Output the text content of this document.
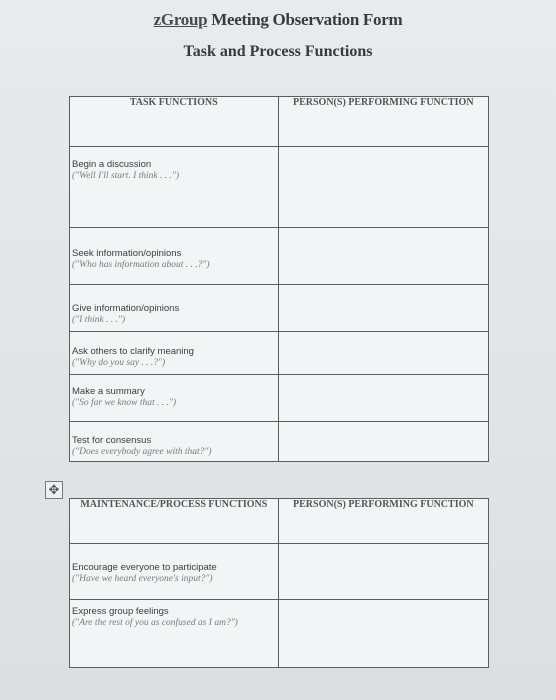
zGroup Meeting Observation Form
Task and Process Functions
TASK FUNCTIONS	PERSON(S) PERFORMING FUNCTION

Begin a discussion
("Well I'll start. I think . . .")	

Seek information/opinions
("Who has information about . . .?")	

Give information/opinions
("I think . . .")	

Ask others to clarify meaning
("Why do you say . . .?")	

Make a summary
("So far we know that . . .")	

Test for consensus
("Does everybody agree with that?")	

✥
MAINTENANCE/PROCESS FUNCTIONS	PERSON(S) PERFORMING FUNCTION

Encourage everyone to participate
("Have we heard everyone's input?")	

Express group feelings
("Are the rest of you as confused as I am?")	
